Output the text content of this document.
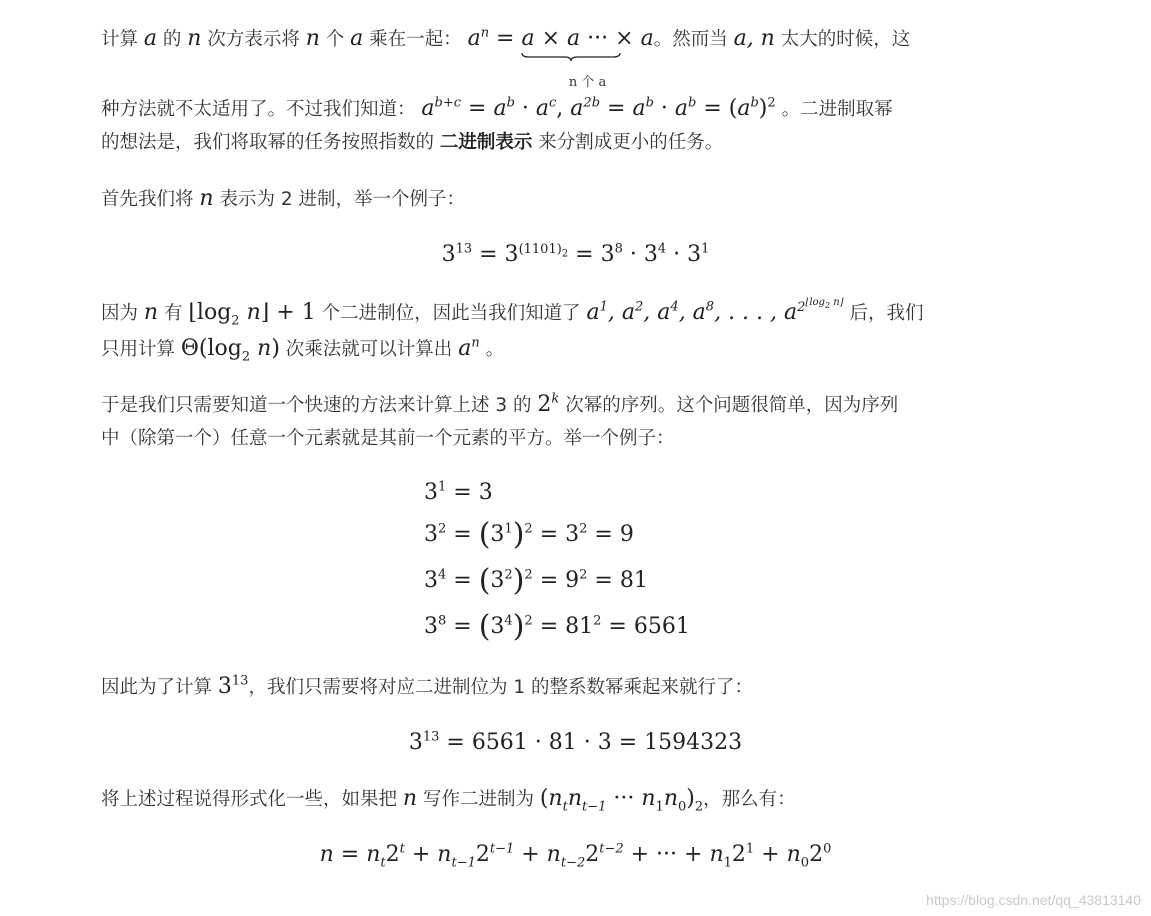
计算 a 的 n 次方表示将 n 个 a 乘在一起： $a^n = a \times a$ ··· × a
n 个 a
。然而当 a, n 太大的时候，这
种方法就不太适用了。不过我们知道： $a^{b+c} = a^b \cdot a^c$, $a^{2b} = a^b \cdot a^b = (a^b)^2$ 。二进制取幂
的想法是，我们将取幂的任务按照指数的 二进制表示 来分割成更小的任务。
首先我们将 n 表示为 2 进制，举一个例子：
$3^{13} = 3^{(1101)_2} = 3^8 \cdot 3^4 \cdot 3^1$
因为 n 有 $⌊\log_2$ n⌋ + 1 个二进制位，因此当我们知道了 $a^1$, $a^2$, $a^4$, $a^8$, . . . , $a^{2^{⌊log_2 n⌋}}$ 后，我们
只用计算 $\Theta(\log_2$ n) 次乘法就可以计算出 $a^n$ 。
于是我们只需要知道一个快速的方法来计算上述 3 的 2$^k$ 次幂的序列。这个问题很简单，因为序列
中（除第一个）任意一个元素就是其前一个元素的平方。举一个例子：
$3^1 = 3$
$3^2 = (3^1)^2 = 3^2 = 9$
$3^4 = (3^2)^2 = 9^2 = 81$
$3^8 = (3^4)^2 = 81^2 = 6561$
因此为了计算 $3^{13}$，我们只需要将对应二进制位为 1 的整系数幂乘起来就行了：
$3^{13} = 6561 \cdot 81 \cdot 3 = 1594323$
将上述过程说得形式化一些，如果把 n 写作二进制为 ($n_tn_{t-1}$ ··· $n_1n_0)_2$，那么有：
$n = n_t2^t + n_{t-1}2^{t-1} + n_{t-2}2^{t-2}$ + ··· + $n_12^1 + n_02^0$
https://blog.csdn.net/qq_43813140
